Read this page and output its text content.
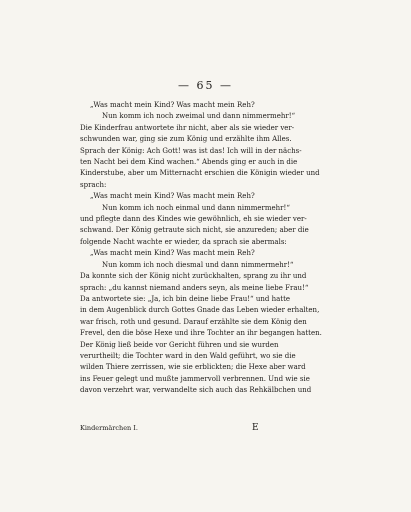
— 65 —
„Was macht mein Kind? Was macht mein Reh?
Nun komm ich noch zweimal und dann nimmermehr!“
Die Kinderfrau antwortete ihr nicht, aber als sie wieder ver-
schwunden war, ging sie zum König und erzählte ihm Alles.
Sprach der König: Ach Gott! was ist das! Ich will in der nächs-
ten Nacht bei dem Kind wachen.“ Abends ging er auch in die
Kinderstube, aber um Mitternacht erschien die Königin wieder und
sprach:
„Was macht mein Kind? Was macht mein Reh?
Nun komm ich noch einmal und dann nimmermehr!“
und pflegte dann des Kindes wie gewöhnlich, eh sie wieder ver-
schwand. Der König getraute sich nicht, sie anzureden; aber die
folgende Nacht wachte er wieder, da sprach sie abermals:
„Was macht mein Kind? Was macht mein Reh?
Nun komm ich noch diesmal und dann nimmermehr!“
Da konnte sich der König nicht zurückhalten, sprang zu ihr und
sprach: „du kannst niemand anders seyn, als meine liebe Frau!“
Da antwortete sie: „Ja, ich bin deine liebe Frau!“ und hatte
in dem Augenblick durch Gottes Gnade das Leben wieder erhalten,
war frisch, roth und gesund. Darauf erzählte sie dem König den
Frevel, den die böse Hexe und ihre Tochter an ihr begangen hatten.
Der König ließ beide vor Gericht führen und sie wurden
verurtheilt; die Tochter ward in den Wald geführt, wo sie die
wilden Thiere zerrissen, wie sie erblickten; die Hexe aber ward
ins Feuer gelegt und mußte jammervoll verbrennen. Und wie sie
davon verzehrt war, verwandelte sich auch das Rehkälbchen und
Kindermärchen I.	E
